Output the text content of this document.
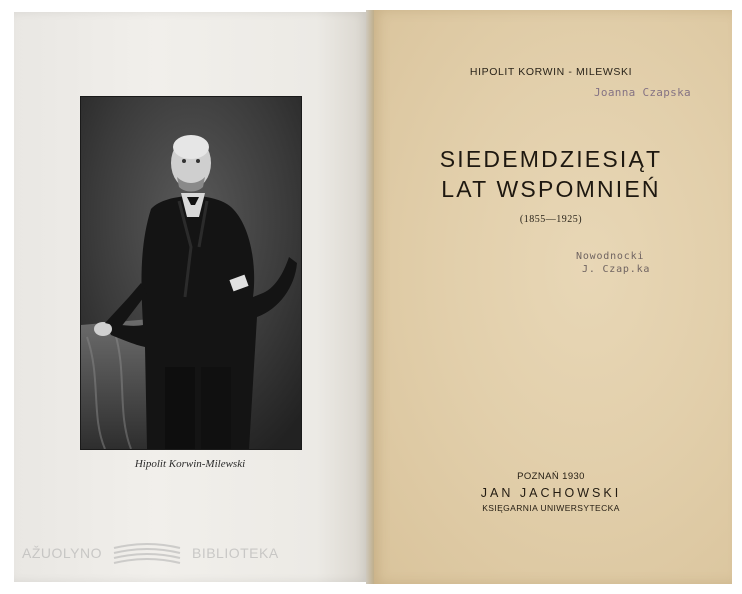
Hipolit Korwin-Milewski
AŽUOLYNO	BIBLIOTEKA
HIPOLIT KORWIN - MILEWSKI
Joanna Czapska
SIEDEMDZIESIĄT
LAT WSPOMNIEŃ
(1855—1925)
Nowodnocki
J. Czap.ka
POZNAŃ 1930
JAN JACHOWSKI
KSIĘGARNIA UNIWERSYTECKA
